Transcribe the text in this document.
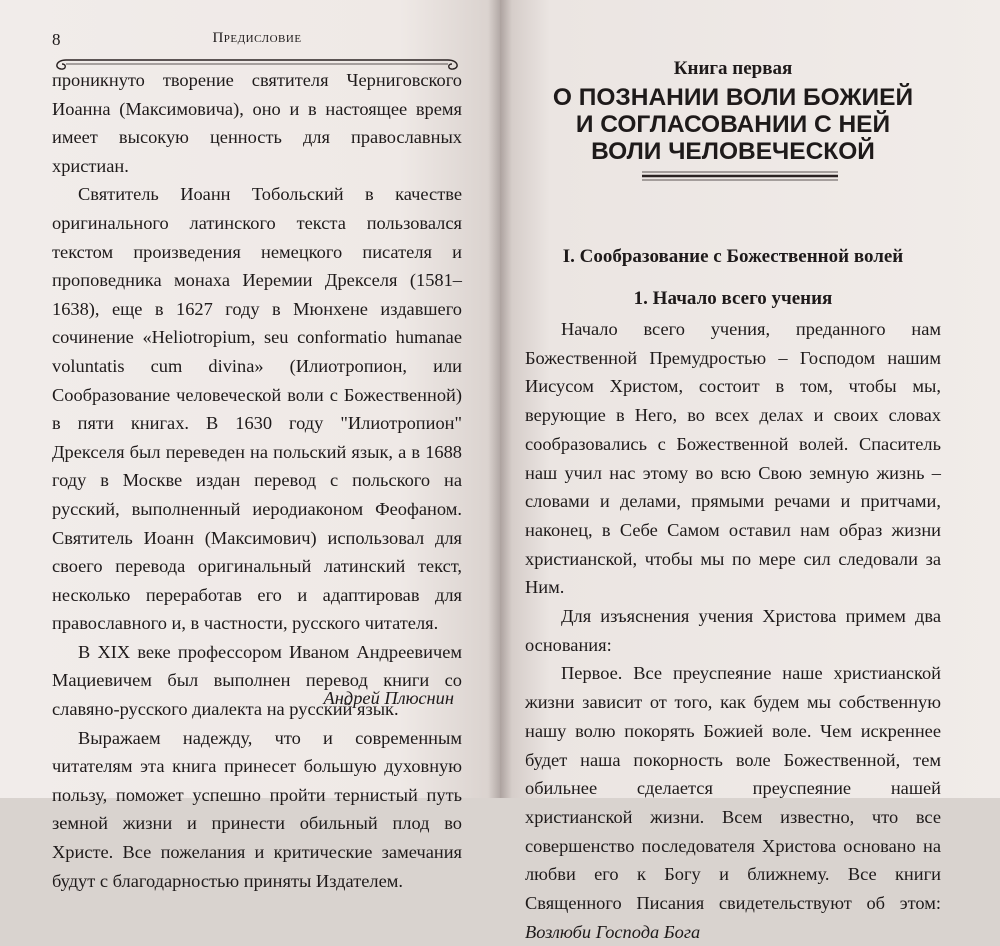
8	Предисловие

проникнуто творение святителя Черниговского Иоанна (Максимовича), оно и в настоящее время имеет высокую ценность для православных христиан.

Святитель Иоанн Тобольский в качестве оригинального латинского текста пользовался текстом произведения немецкого писателя и проповедника монаха Иеремии Дрекселя (1581–1638), еще в 1627 году в Мюнхене издавшего сочинение «Heliotropium, seu conformatio humanae voluntatis cum divina» (Илиотропион, или Сообразование человеческой воли с Божественной) в пяти книгах. В 1630 году "Илиотропион" Дрекселя был переведен на польский язык, а в 1688 году в Москве издан перевод с польского на русский, выполненный иеродиаконом Феофаном. Святитель Иоанн (Максимович) использовал для своего перевода оригинальный латинский текст, несколько переработав его и адаптировав для православного и, в частности, русского читателя.

В XIX веке профессором Иваном Андреевичем Мациевичем был выполнен перевод книги со славяно-русского диалекта на русский язык.

Выражаем надежду, что и современным читателям эта книга принесет большую духовную пользу, поможет успешно пройти тернистый путь земной жизни и принести обильный плод во Христе. Все пожелания и критические замечания будут с благодарностью приняты Издателем.

Андрей Плюснин
Книга первая
О ПОЗНАНИИ ВОЛИ БОЖИЕЙ
И СОГЛАСОВАНИИ С НЕЙ
ВОЛИ ЧЕЛОВЕЧЕСКОЙ
I. Сообразование с Божественной волей
1. Начало всего учения

Начало всего учения, преданного нам Божественной Премудростью – Господом нашим Иисусом Христом, состоит в том, чтобы мы, верующие в Него, во всех делах и своих словах сообразовались с Божественной волей. Спаситель наш учил нас этому во всю Свою земную жизнь – словами и делами, прямыми речами и притчами, наконец, в Себе Самом оставил нам образ жизни христианской, чтобы мы по мере сил следовали за Ним.

Для изъяснения учения Христова примем два основания:

Первое. Все преуспеяние наше христианской жизни зависит от того, как будем мы собственную нашу волю покорять Божией воле. Чем искреннее будет наша покорность воле Божественной, тем обильнее сделается преуспеяние нашей христианской жизни. Всем известно, что все совершенство последователя Христова основано на любви его к Богу и ближнему. Все книги Священного Писания свидетельствуют об этом: Возлюби Господа Бога
